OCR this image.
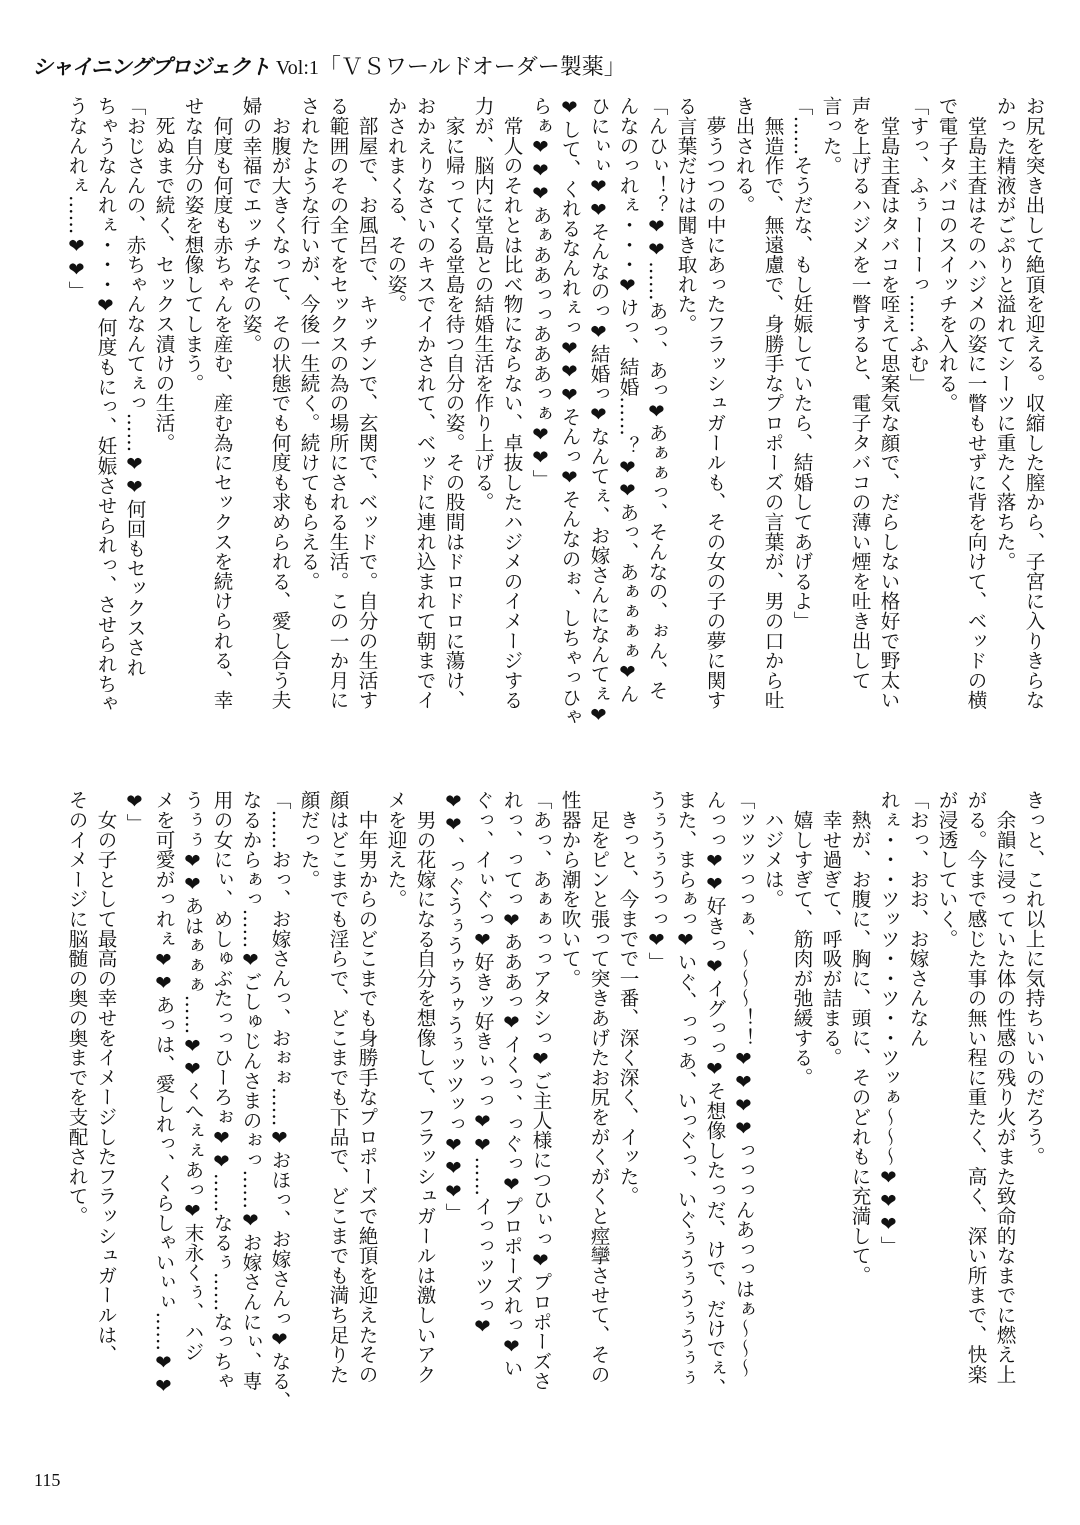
シャイニングプロジェクト Vol:1「ＶＳワールドオーダー製薬」
お尻を突き出して絶頂を迎える。収縮した膣から、子宮に入りきらな
かった精液がごぷりと溢れてシーツに重たく落ちた。
　堂島主査はそのハジメの姿に一瞥もせずに背を向けて、ベッドの横
で電子タバコのスイッチを入れる。
「すっ、ふぅーーーっ……ふむ」
　堂島主査はタバコを咥えて思案気な顔で、だらしない格好で野太い
声を上げるハジメを一瞥すると、電子タバコの薄い煙を吐き出して
言った。
「……そうだな、もし妊娠していたら、結婚してあげるよ」
　無造作で、無遠慮で、身勝手なプロポーズの言葉が、男の口から吐
き出される。
　夢うつつの中にあったフラッシュガールも、その女の子の夢に関す
る言葉だけは聞き取れた。
「んひぃ！？❤❤……あっ、あっ❤あぁぁっ、そんなの、ぉん、そ
んなのっれぇ・・・❤けっ、結婚……？❤❤あっ、あぁぁぁぁ❤ん
ひにぃぃ❤❤そんなのっ❤結婚っ❤なんてぇ、お嫁さんになんてぇ❤
❤して、くれるなんれぇっ❤❤❤そんっ❤そんなのぉ、しちゃっひゃ
らぁ❤❤❤あぁああっっあああっぁ❤❤」
　常人のそれとは比べ物にならない、卓抜したハジメのイメージする
力が、脳内に堂島との結婚生活を作り上げる。
　家に帰ってくる堂島を待つ自分の姿。その股間はドロドロに蕩け、
おかえりなさいのキスでイかされて、ベッドに連れ込まれて朝までイ
かされまくる、その姿。
　部屋で、お風呂で、キッチンで、玄関で、ベッドで。自分の生活す
る範囲のその全てをセックスの為の場所にされる生活。この一か月に
されたような行いが、今後一生続く。続けてもらえる。
　お腹が大きくなって、その状態でも何度も求められる、愛し合う夫
婦の幸福でエッチなその姿。
　何度も何度も赤ちゃんを産む、産む為にセックスを続けられる、幸
せな自分の姿を想像してしまう。
　死ぬまで続く、セックス漬けの生活。
「おじさんの、赤ちゃんなんてぇっ……❤❤何回もセックスされ
ちゃうなんれぇ・・・❤何度もにっ、妊娠させられっ、させられちゃ
うなんれぇ……❤❤」
きっと、これ以上に気持ちいいのだろう。
　余韻に浸っていた体の性感の残り火がまた致命的なまでに燃え上
がる。今まで感じた事の無い程に重たく、高く、深い所まで、快楽
が浸透していく。
「おっ、おお、お嫁さんなん
れぇ・・・ツッツ・・ツ・・ツッぁ〜〜〜❤❤❤」
　熱が、お腹に、胸に、頭に、そのどれもに充満して。
　幸せ過ぎて、呼吸が詰まる。
　嬉しすぎて、筋肉が弛緩する。
　ハジメは。
「ッッッっっぁ、〜〜〜！！❤❤❤❤っっっんあっっはぁ〜〜〜
んっっ❤❤好きっ❤イグっっ❤そ想像したっだ、けで、だけでぇ、
また、まらぁっ❤いぐ、っっあ、いっぐっ、いぐぅうぅうぅうぅぅ
うぅうぅうっっ❤」
　きっと、今までで一番、深く深く、イッた。
　足をピンと張って突きあげたお尻をがくがくと痙攣させて、その
性器から潮を吹いて。
「あっ、あぁぁっっアタシっ❤ご主人様につひぃっ❤プロポーズさ
れっ、ってっ❤あああっ❤イくっ、っぐっ❤プロポーズれっ❤い
ぐっ、イぃぐっ❤好きッ好きぃっっ❤❤……イっっッツっ❤
❤❤、っぐうぅうゥうゥうぅッツッっ❤❤❤」
　男の花嫁になる自分を想像して、フラッシュガールは激しいアク
メを迎えた。
　中年男からのどこまでも身勝手なプロポーズで絶頂を迎えたその
顔はどこまでも淫らで、どこまでも下品で、どこまでも満ち足りた
顔だった。
「……おっ、お嫁さんっ、おぉぉ……❤おほっ、お嫁さんっ❤なる、
なるからぁっ……❤ごしゅじんさまのぉっ……❤お嫁さんにぃ、専
用の女にぃ、めしゅぶたっっひーろぉ❤❤……なるぅ……なっちゃ
うぅぅ❤❤あはぁぁぁ……❤❤くへぇぇあっ❤末永くぅ、ハジ
メを可愛がっれぇ❤❤あっは、愛しれっ、くらしゃいぃぃ……❤❤
❤」
　女の子として最高の幸せをイメージしたフラッシュガールは、
そのイメージに脳髄の奥の奥までを支配されて。
115
